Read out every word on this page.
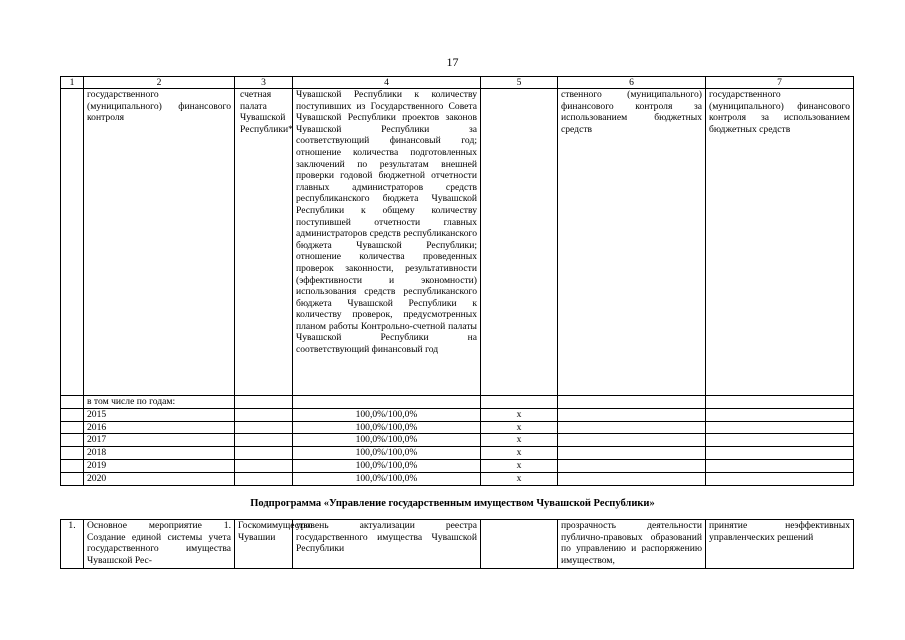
17
1	2	3	4	5	6	7
	государственного (муниципального) финансового контроля	счетная палата Чувашской Республики*	Чувашской Республики к количеству поступивших из Государственного Совета Чувашской Республики проектов законов Чувашской Республики за соответствующий финансовый год; отношение количества подготовленных заключений по результатам внешней проверки годовой бюджетной отчетности главных администраторов средств республиканского бюджета Чувашской Республики к общему количеству поступившей отчетности главных администраторов средств республиканского бюджета Чувашской Республики; отношение количества проведенных проверок законности, результативности (эффективности и экономности) использования средств республиканского бюджета Чувашской Республики к количеству проверок, предусмотренных планом работы Контрольно-счетной палаты Чувашской Республики на соответствующий финансовый год		ственного (муниципального) финансового контроля за использованием бюджетных средств	государственного (муниципального) финансового контроля за использованием бюджетных средств
	в том числе по годам:					
	2015		100,0%/100,0%	х		
	2016		100,0%/100,0%	х		
	2017		100,0%/100,0%	х		
	2018		100,0%/100,0%	х		
	2019		100,0%/100,0%	х		
	2020		100,0%/100,0%	х		
Подпрограмма «Управление государственным имуществом Чувашской Республики»
1.	Основное мероприятие 1. Создание единой системы учета государственного имущества Чувашской Рес-	Госкомимущество Чувашии	уровень актуализации реестра государственного имущества Чувашской Республики		прозрачность деятельности публично-правовых образований по управлению и распоряжению имуществом,	принятие неэффективных управленческих решений
